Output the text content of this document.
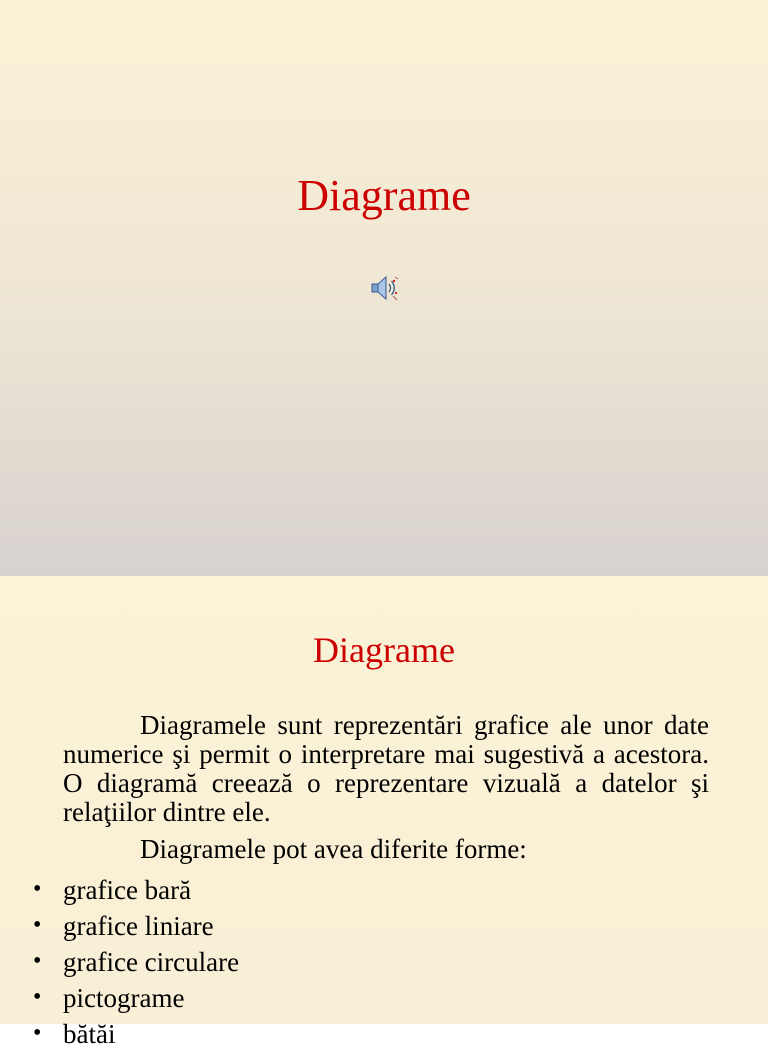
Diagrame
Diagrame

Diagramele sunt reprezentări grafice ale unor date numerice şi permit o interpretare mai sugestivă a acestora. O diagramă creează o reprezentare vizuală a datelor şi relaţiilor dintre ele.

Diagramele pot avea diferite forme:

• grafice bară
• grafice liniare
• grafice circulare
• pictograme
• bătăi
